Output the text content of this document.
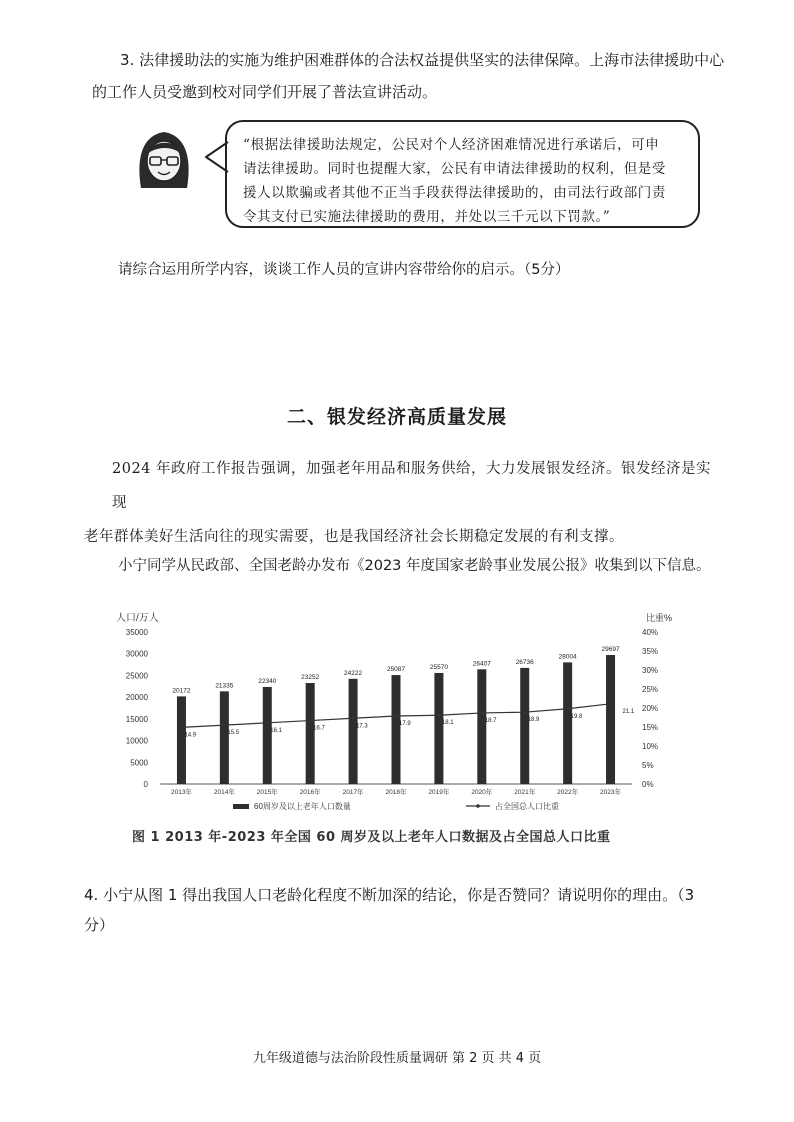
3. 法律援助法的实施为维护困难群体的合法权益提供坚实的法律保障。上海市法律援助中心
的工作人员受邀到校对同学们开展了普法宣讲活动。
“根据法律援助法规定，公民对个人经济困难情况进行承诺后，可申
请法律援助。同时也提醒大家，公民有申请法律援助的权利，但是受
援人以欺骗或者其他不正当手段获得法律援助的，由司法行政部门责
令其支付已实施法律援助的费用，并处以三千元以下罚款。”
请综合运用所学内容，谈谈工作人员的宣讲内容带给你的启示。（5分）
二、银发经济高质量发展
2024 年政府工作报告强调，加强老年用品和服务供给，大力发展银发经济。银发经济是实现
老年群体美好生活向往的现实需要，也是我国经济社会长期稳定发展的有利支撑。
小宁同学从民政部、全国老龄办发布《2023 年度国家老龄事业发展公报》收集到以下信息。
人口/万人	比重%
35000
30000
25000
20000
15000
10000
5000
0
40%
35%
30%
25%
20%
15%
10%
5%
0%
20172
21335
22340
23252
24222
25087	25570
26407	26736
28004
29697
14.9	15.5	16.1	16.7	17.3	17.9	18.1	18.7	18.9
19.8
21.1
2013年	2014年	2015年	2016年	2017年	2018年	2019年	2020年	2021年	2022年	2023年
60周岁及以上老年人口数量	占全国总人口比重
图 1 2013 年-2023 年全国 60 周岁及以上老年人口数据及占全国总人口比重
4. 小宁从图 1 得出我国人口老龄化程度不断加深的结论，你是否赞同？请说明你的理由。（3
分）
九年级道德与法治阶段性质量调研 第 2 页 共 4 页
